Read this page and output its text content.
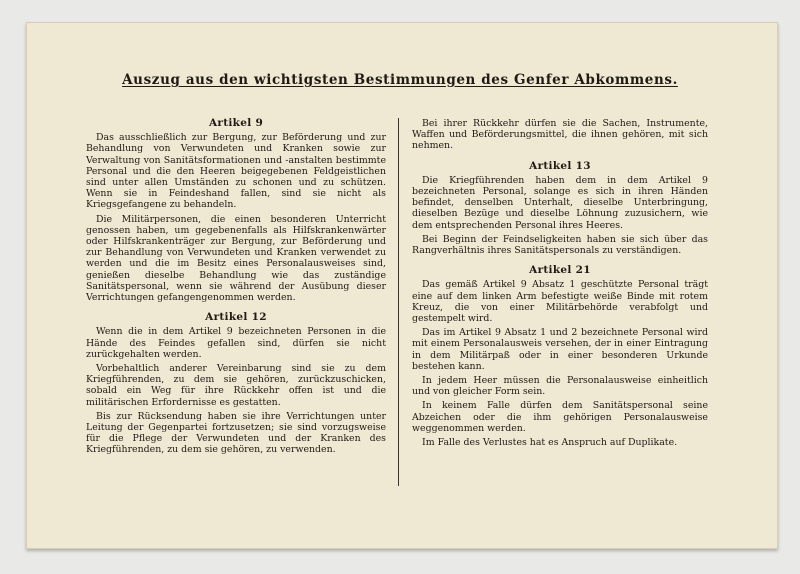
Auszug aus den wichtigsten Bestimmungen des Genfer Abkommens.
Artikel 9

Das ausschließlich zur Bergung, zur Beförderung und zur Behandlung von Verwundeten und Kranken sowie zur Verwaltung von Sanitätsformationen und -anstalten bestimmte Personal und die den Heeren beigegebenen Feldgeistlichen sind unter allen Umständen zu schonen und zu schützen. Wenn sie in Feindeshand fallen, sind sie nicht als Kriegsgefangene zu behandeln.

Die Militärpersonen, die einen besonderen Unterricht genossen haben, um gegebenenfalls als Hilfskrankenwärter oder Hilfskrankenträger zur Bergung, zur Beförderung und zur Behandlung von Verwundeten und Kranken verwendet zu werden und die im Besitz eines Personalausweises sind, genießen dieselbe Behandlung wie das zuständige Sanitätspersonal, wenn sie während der Ausübung dieser Verrichtungen gefangengenommen werden.

Artikel 12

Wenn die in dem Artikel 9 bezeichneten Personen in die Hände des Feindes gefallen sind, dürfen sie nicht zurückgehalten werden.

Vorbehaltlich anderer Vereinbarung sind sie zu dem Kriegführenden, zu dem sie gehören, zurückzuschicken, sobald ein Weg für ihre Rückkehr offen ist und die militärischen Erfordernisse es gestatten.

Bis zur Rücksendung haben sie ihre Verrichtungen unter Leitung der Gegenpartei fortzusetzen; sie sind vorzugsweise für die Pflege der Verwundeten und der Kranken des Kriegführenden, zu dem sie gehören, zu verwenden.

Bei ihrer Rückkehr dürfen sie die Sachen, Instrumente, Waffen und Beförderungsmittel, die ihnen gehören, mit sich nehmen.

Artikel 13

Die Kriegführenden haben dem in dem Artikel 9 bezeichneten Personal, solange es sich in ihren Händen befindet, denselben Unterhalt, dieselbe Unterbringung, dieselben Bezüge und dieselbe Löhnung zuzusichern, wie dem entsprechenden Personal ihres Heeres.

Bei Beginn der Feindseligkeiten haben sie sich über das Rangverhältnis ihres Sanitätspersonals zu verständigen.

Artikel 21

Das gemäß Artikel 9 Absatz 1 geschützte Personal trägt eine auf dem linken Arm befestigte weiße Binde mit rotem Kreuz, die von einer Militärbehörde verabfolgt und gestempelt wird.

Das im Artikel 9 Absatz 1 und 2 bezeichnete Personal wird mit einem Personalausweis versehen, der in einer Eintragung in dem Militärpaß oder in einer besonderen Urkunde bestehen kann.

In jedem Heer müssen die Personalausweise einheitlich und von gleicher Form sein.

In keinem Falle dürfen dem Sanitätspersonal seine Abzeichen oder die ihm gehörigen Personalausweise weggenommen werden.

Im Falle des Verlustes hat es Anspruch auf Duplikate.
